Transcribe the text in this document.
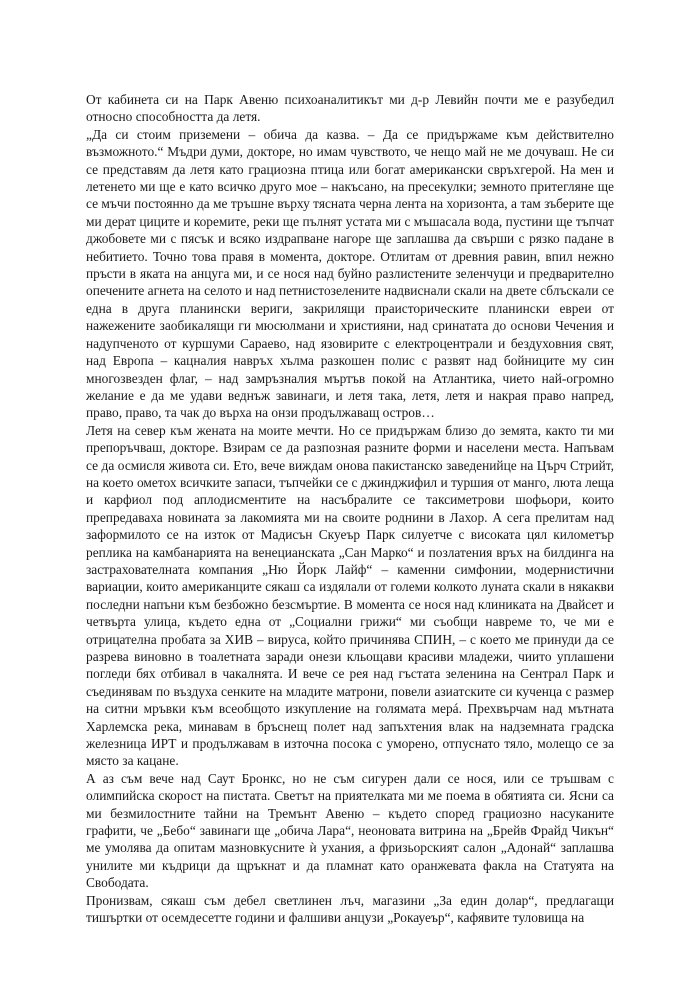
От кабинета си на Парк Авеню психоаналитикът ми д-р Левийн почти ме е разубедил относно способността да летя.

„Да си стоим приземени – обича да казва. – Да се придържаме към действително възможното.“ Мъдри думи, докторе, но имам чувството, че нещо май не ме дочуваш. Не си се представям да летя като грациозна птица или богат американски свръхгерой. На мен и летенето ми ще е като всичко друго мое – накъсано, на пресекулки; земното притегляне ще се мъчи постоянно да ме тръшне върху тясната черна лента на хоризонта, а там зъберите ще ми дерат циците и коремите, реки ще пълнят устата ми с мъшасала вода, пустини ще тъпчат джобовете ми с пясък и всяко издрапване нагоре ще заплашва да свърши с рязко падане в небитието. Точно това правя в момента, докторе. Отлитам от древния равин, впил нежно пръсти в яката на анцуга ми, и се нося над буйно разлистените зеленчуци и предварително опечените агнета на селото и над петнистозелените надвиснали скали на двете сблъскали се една в друга планински вериги, закрилящи праисторическите планински евреи от нажежените заобикалящи ги мюсюлмани и християни, над сринатата до основи Чечения и надупченото от куршуми Сараево, над язовирите с електроцентрали и бездуховния свят, над Европа – кацналия навръх хълма разкошен полис с развят над бойниците му син многозвезден флаг, – над замръзналия мъртъв покой на Атлантика, чието най-огромно желание е да ме удави веднъж завинаги, и летя така, летя, летя и накрая право напред, право, право, та чак до върха на онзи продължаващ остров…

Летя на север към жената на моите мечти. Но се придържам близо до земята, както ти ми препоръчваш, докторе. Взирам се да разпозная разните форми и населени места. Напъвам се да осмисля живота си. Ето, вече виждам онова пакистанско заведенийце на Църч Стрийт, на което ометох всичките запаси, тъпчейки се с джинджифил и туршия от манго, люта леща и карфиол под аплодисментите на насъбралите се таксиметрови шофьори, които препредаваха новината за лакомията ми на своите роднини в Лахор. А сега прелитам над заформилото се на изток от Мадисън Скуеър Парк силуетче с високата цял километър реплика на камбанарията на венецианската „Сан Марко“ и позлатения връх на билдинга на застрахователната компания „Ню Йорк Лайф“ – каменни симфонии, модернистични вариации, които американците сякаш са издялали от големи колкото луната скали в някакви последни напъни към безбожно безсмъртие. В момента се нося над клиниката на Двайсет и четвърта улица, където една от „Социални грижи“ ми съобщи навреме то, че ми е отрицателна пробата за ХИВ – вируса, който причинява СПИН, – с което ме принуди да се разрева виновно в тоалетната заради онези кльощави красиви младежи, чиито уплашени погледи бях отбивал в чакалнята. И вече се рея над гъстата зеленина на Сентрал Парк и съединявам по въздуха сенките на младите матрони, повели азиатските си кученца с размер на ситни мръвки към всеобщото изкупление на голямата мерá. Прехвърчам над мътната Харлемска река, минавам в бръснещ полет над запъхтения влак на надземната градска железница ИРТ и продължавам в източна посока с уморено, отпуснато тяло, молещо се за място за кацане.

А аз съм вече над Саут Бронкс, но не съм сигурен дали се нося, или се тръшвам с олимпийска скорост на пистата. Светът на приятелката ми ме поема в обятията си. Ясни са ми безмилостните тайни на Тремънт Авеню – където според грациозно насуканите графити, че „Бебо“ завинаги ще „обича Лара“, неоновата витрина на „Брейв Фрайд Чикън“ ме умолява да опитам мазновкусните ѝ ухания, а фризьорският салон „Адонай“ заплашва унилите ми къдрици да щръкнат и да пламнат като оранжевата факла на Статуята на Свободата.

Пронизвам, сякаш съм дебел светлинен лъч, магазини „За един долар“, предлагащи тишъртки от осемдесетте години и фалшиви анцузи „Рокауеър“, кафявите туловища на
